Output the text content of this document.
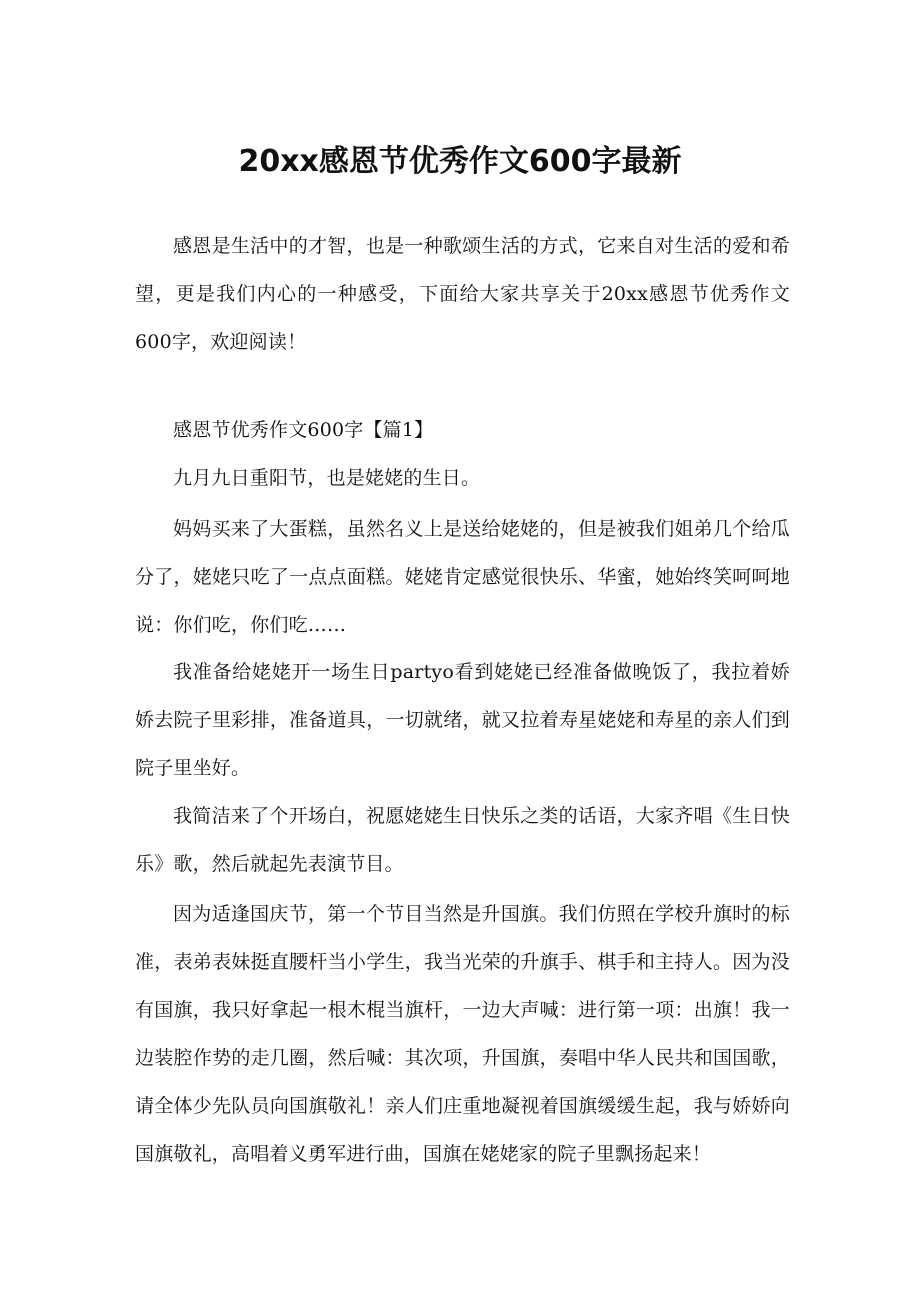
20xx感恩节优秀作文600字最新

感恩是生活中的才智，也是一种歌颂生活的方式，它来自对生活的爱和希望，更是我们内心的一种感受，下面给大家共享关于20xx感恩节优秀作文600字，欢迎阅读！

感恩节优秀作文600字【篇1】

九月九日重阳节，也是姥姥的生日。

妈妈买来了大蛋糕，虽然名义上是送给姥姥的，但是被我们姐弟几个给瓜分了，姥姥只吃了一点点面糕。姥姥肯定感觉很快乐、华蜜，她始终笑呵呵地说：你们吃，你们吃……

我准备给姥姥开一场生日partyo看到姥姥已经准备做晚饭了，我拉着娇娇去院子里彩排，准备道具，一切就绪，就又拉着寿星姥姥和寿星的亲人们到院子里坐好。

我简洁来了个开场白，祝愿姥姥生日快乐之类的话语，大家齐唱《生日快乐》歌，然后就起先表演节目。

因为适逢国庆节，第一个节目当然是升国旗。我们仿照在学校升旗时的标准，表弟表妹挺直腰杆当小学生，我当光荣的升旗手、棋手和主持人。因为没有国旗，我只好拿起一根木棍当旗杆，一边大声喊：进行第一项：出旗！我一边装腔作势的走几圈，然后喊：其次项，升国旗，奏唱中华人民共和国国歌，请全体少先队员向国旗敬礼！亲人们庄重地凝视着国旗缓缓生起，我与娇娇向国旗敬礼，高唱着义勇军进行曲，国旗在姥姥家的院子里飘扬起来！
